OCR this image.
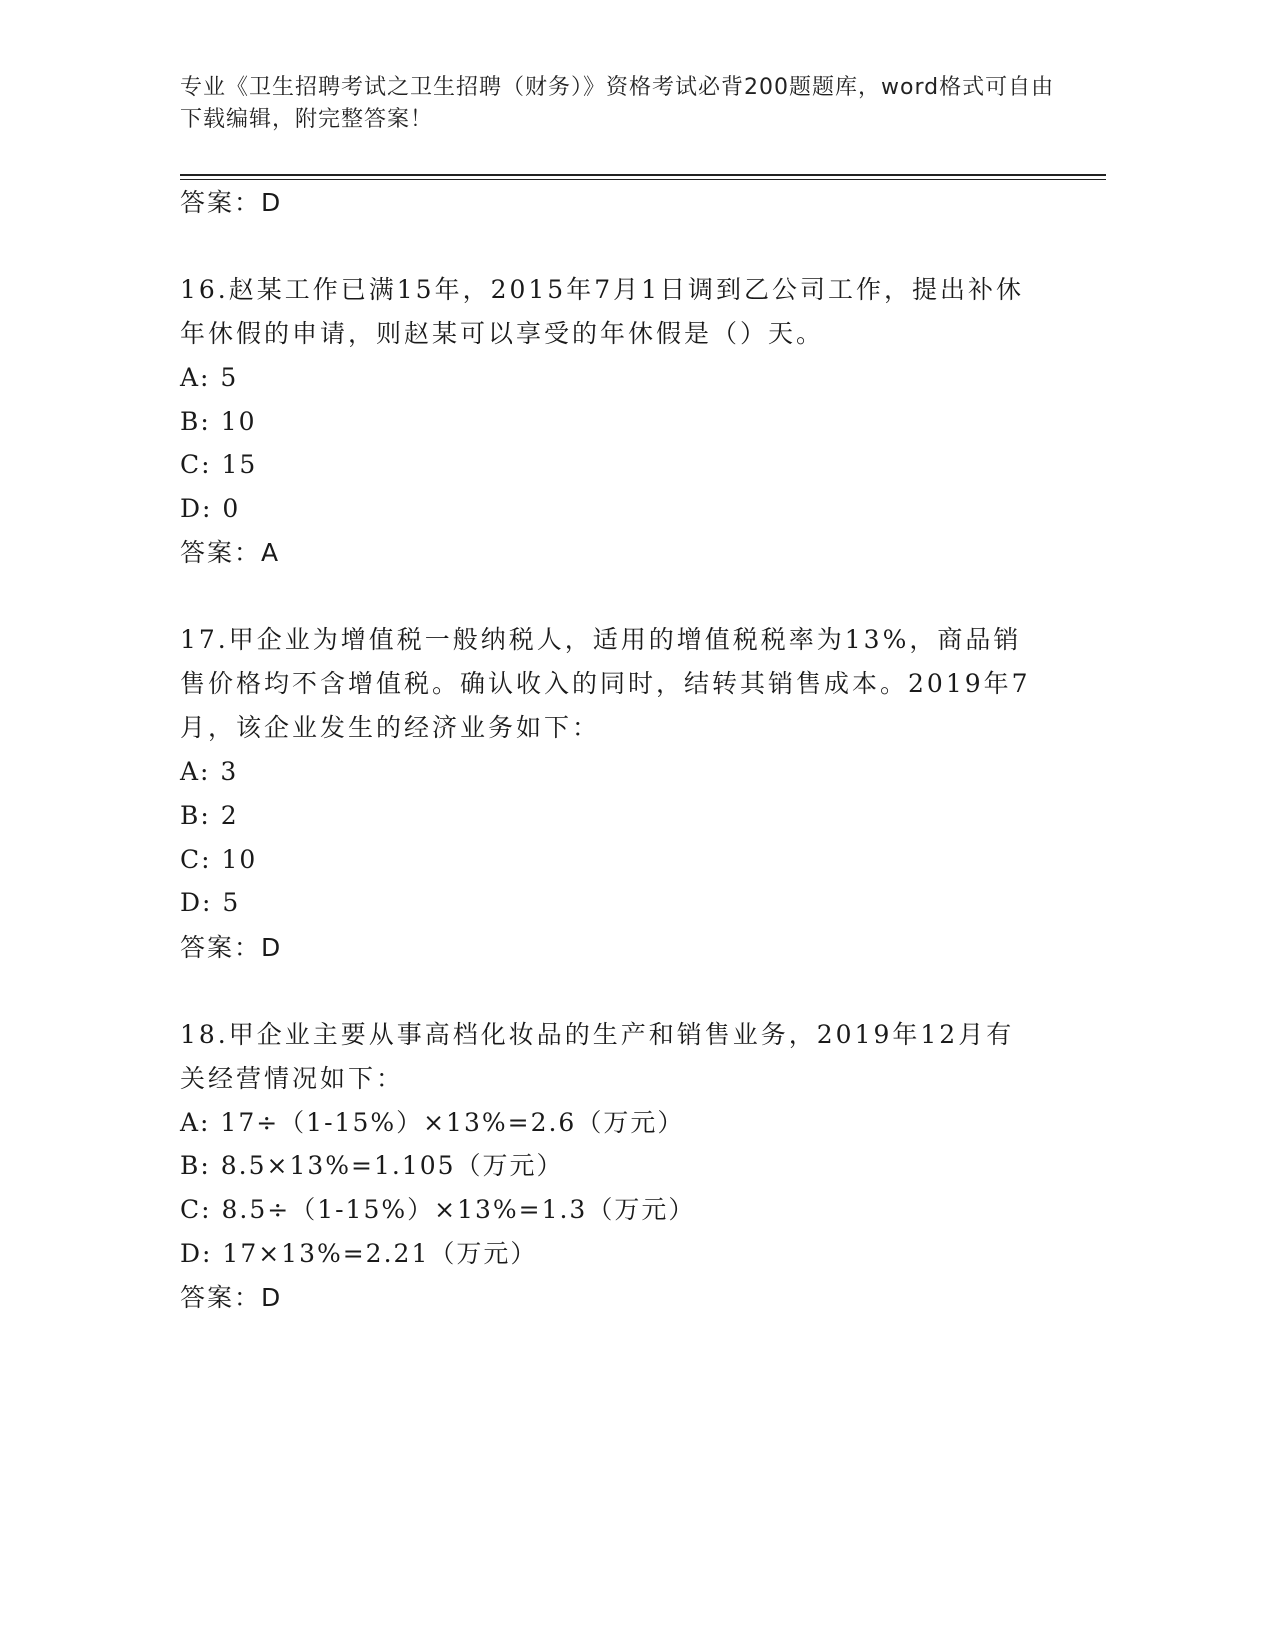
专业《卫生招聘考试之卫生招聘（财务）》资格考试必背200题题库，word格式可自由下载编辑，附完整答案！
答案：D
16.赵某工作已满15年，2015年7月1日调到乙公司工作，提出补休年休假的申请，则赵某可以享受的年休假是（）天。
A: 5
B: 10
C: 15
D: 0
答案：A
17.甲企业为增值税一般纳税人，适用的增值税税率为13%，商品销售价格均不含增值税。确认收入的同时，结转其销售成本。2019年7月，该企业发生的经济业务如下：
A: 3
B: 2
C: 10
D: 5
答案：D
18.甲企业主要从事高档化妆品的生产和销售业务，2019年12月有关经营情况如下：
A: 17÷（1-15%）×13%=2.6（万元）
B: 8.5×13%=1.105（万元）
C: 8.5÷（1-15%）×13%=1.3（万元）
D: 17×13%=2.21（万元）
答案：D
